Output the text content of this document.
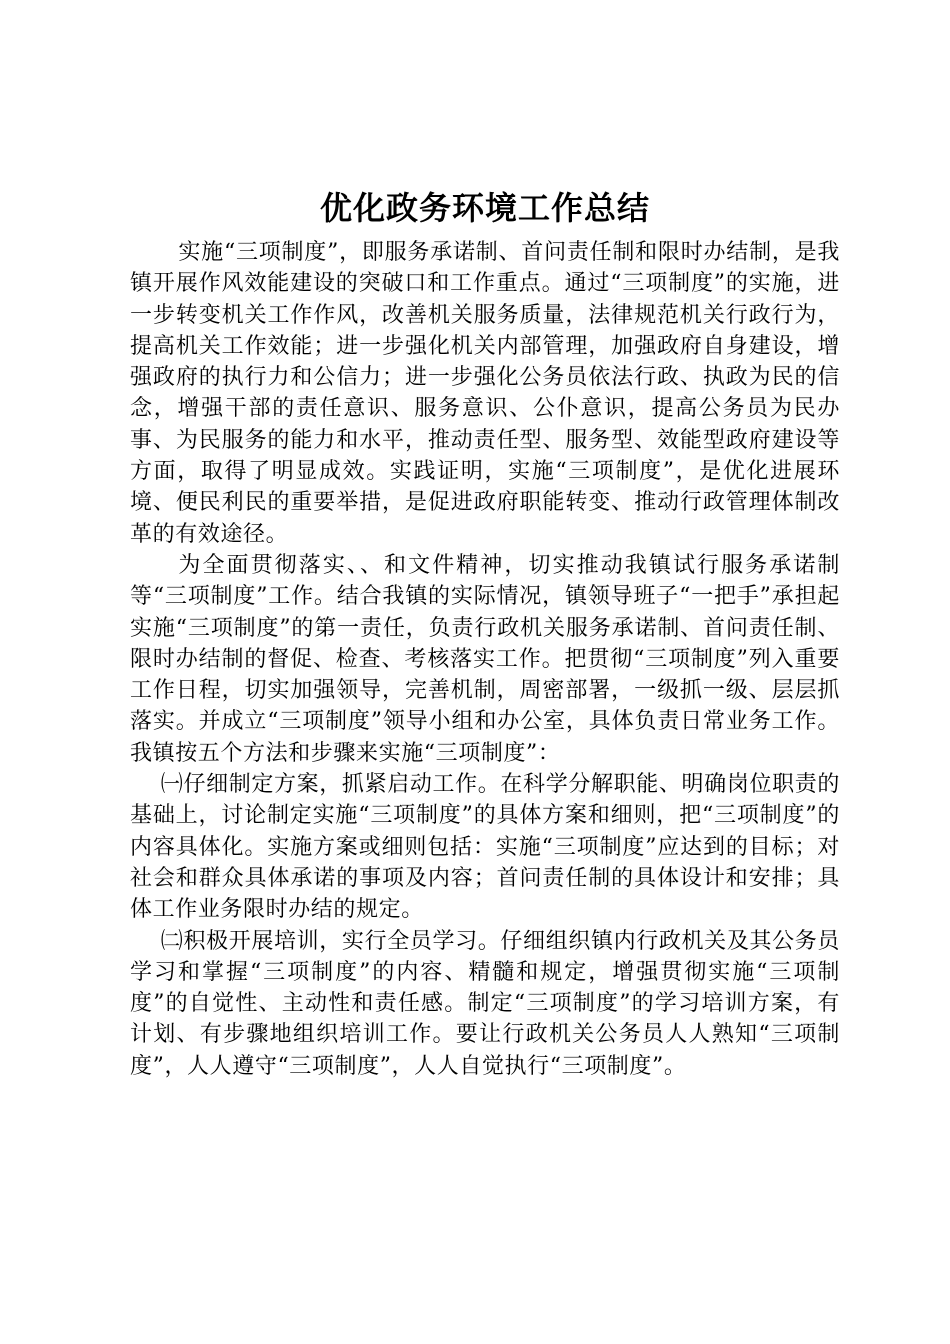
优化政务环境工作总结

实施“三项制度”，即服务承诺制、首问责任制和限时办结制，是我镇开展作风效能建设的突破口和工作重点。通过“三项制度”的实施，进一步转变机关工作作风，改善机关服务质量，法律规范机关行政行为，提高机关工作效能；进一步强化机关内部管理，加强政府自身建设，增强政府的执行力和公信力；进一步强化公务员依法行政、执政为民的信念，增强干部的责任意识、服务意识、公仆意识，提高公务员为民办事、为民服务的能力和水平，推动责任型、服务型、效能型政府建设等方面，取得了明显成效。实践证明，实施“三项制度”，是优化进展环境、便民利民的重要举措，是促进政府职能转变、推动行政管理体制改革的有效途径。

为全面贯彻落实、、和文件精神，切实推动我镇试行服务承诺制等“三项制度”工作。结合我镇的实际情况，镇领导班子“一把手”承担起实施“三项制度”的第一责任，负责行政机关服务承诺制、首问责任制、限时办结制的督促、检查、考核落实工作。把贯彻“三项制度”列入重要工作日程，切实加强领导，完善机制，周密部署，一级抓一级、层层抓落实。并成立“三项制度”领导小组和办公室，具体负责日常业务工作。我镇按五个方法和步骤来实施“三项制度”：

㈠仔细制定方案，抓紧启动工作。在科学分解职能、明确岗位职责的基础上，讨论制定实施“三项制度”的具体方案和细则，把“三项制度”的内容具体化。实施方案或细则包括：实施“三项制度”应达到的目标；对社会和群众具体承诺的事项及内容；首问责任制的具体设计和安排；具体工作业务限时办结的规定。

㈡积极开展培训，实行全员学习。仔细组织镇内行政机关及其公务员学习和掌握“三项制度”的内容、精髓和规定，增强贯彻实施“三项制度”的自觉性、主动性和责任感。制定“三项制度”的学习培训方案，有计划、有步骤地组织培训工作。要让行政机关公务员人人熟知“三项制度”，人人遵守“三项制度”，人人自觉执行“三项制度”。
